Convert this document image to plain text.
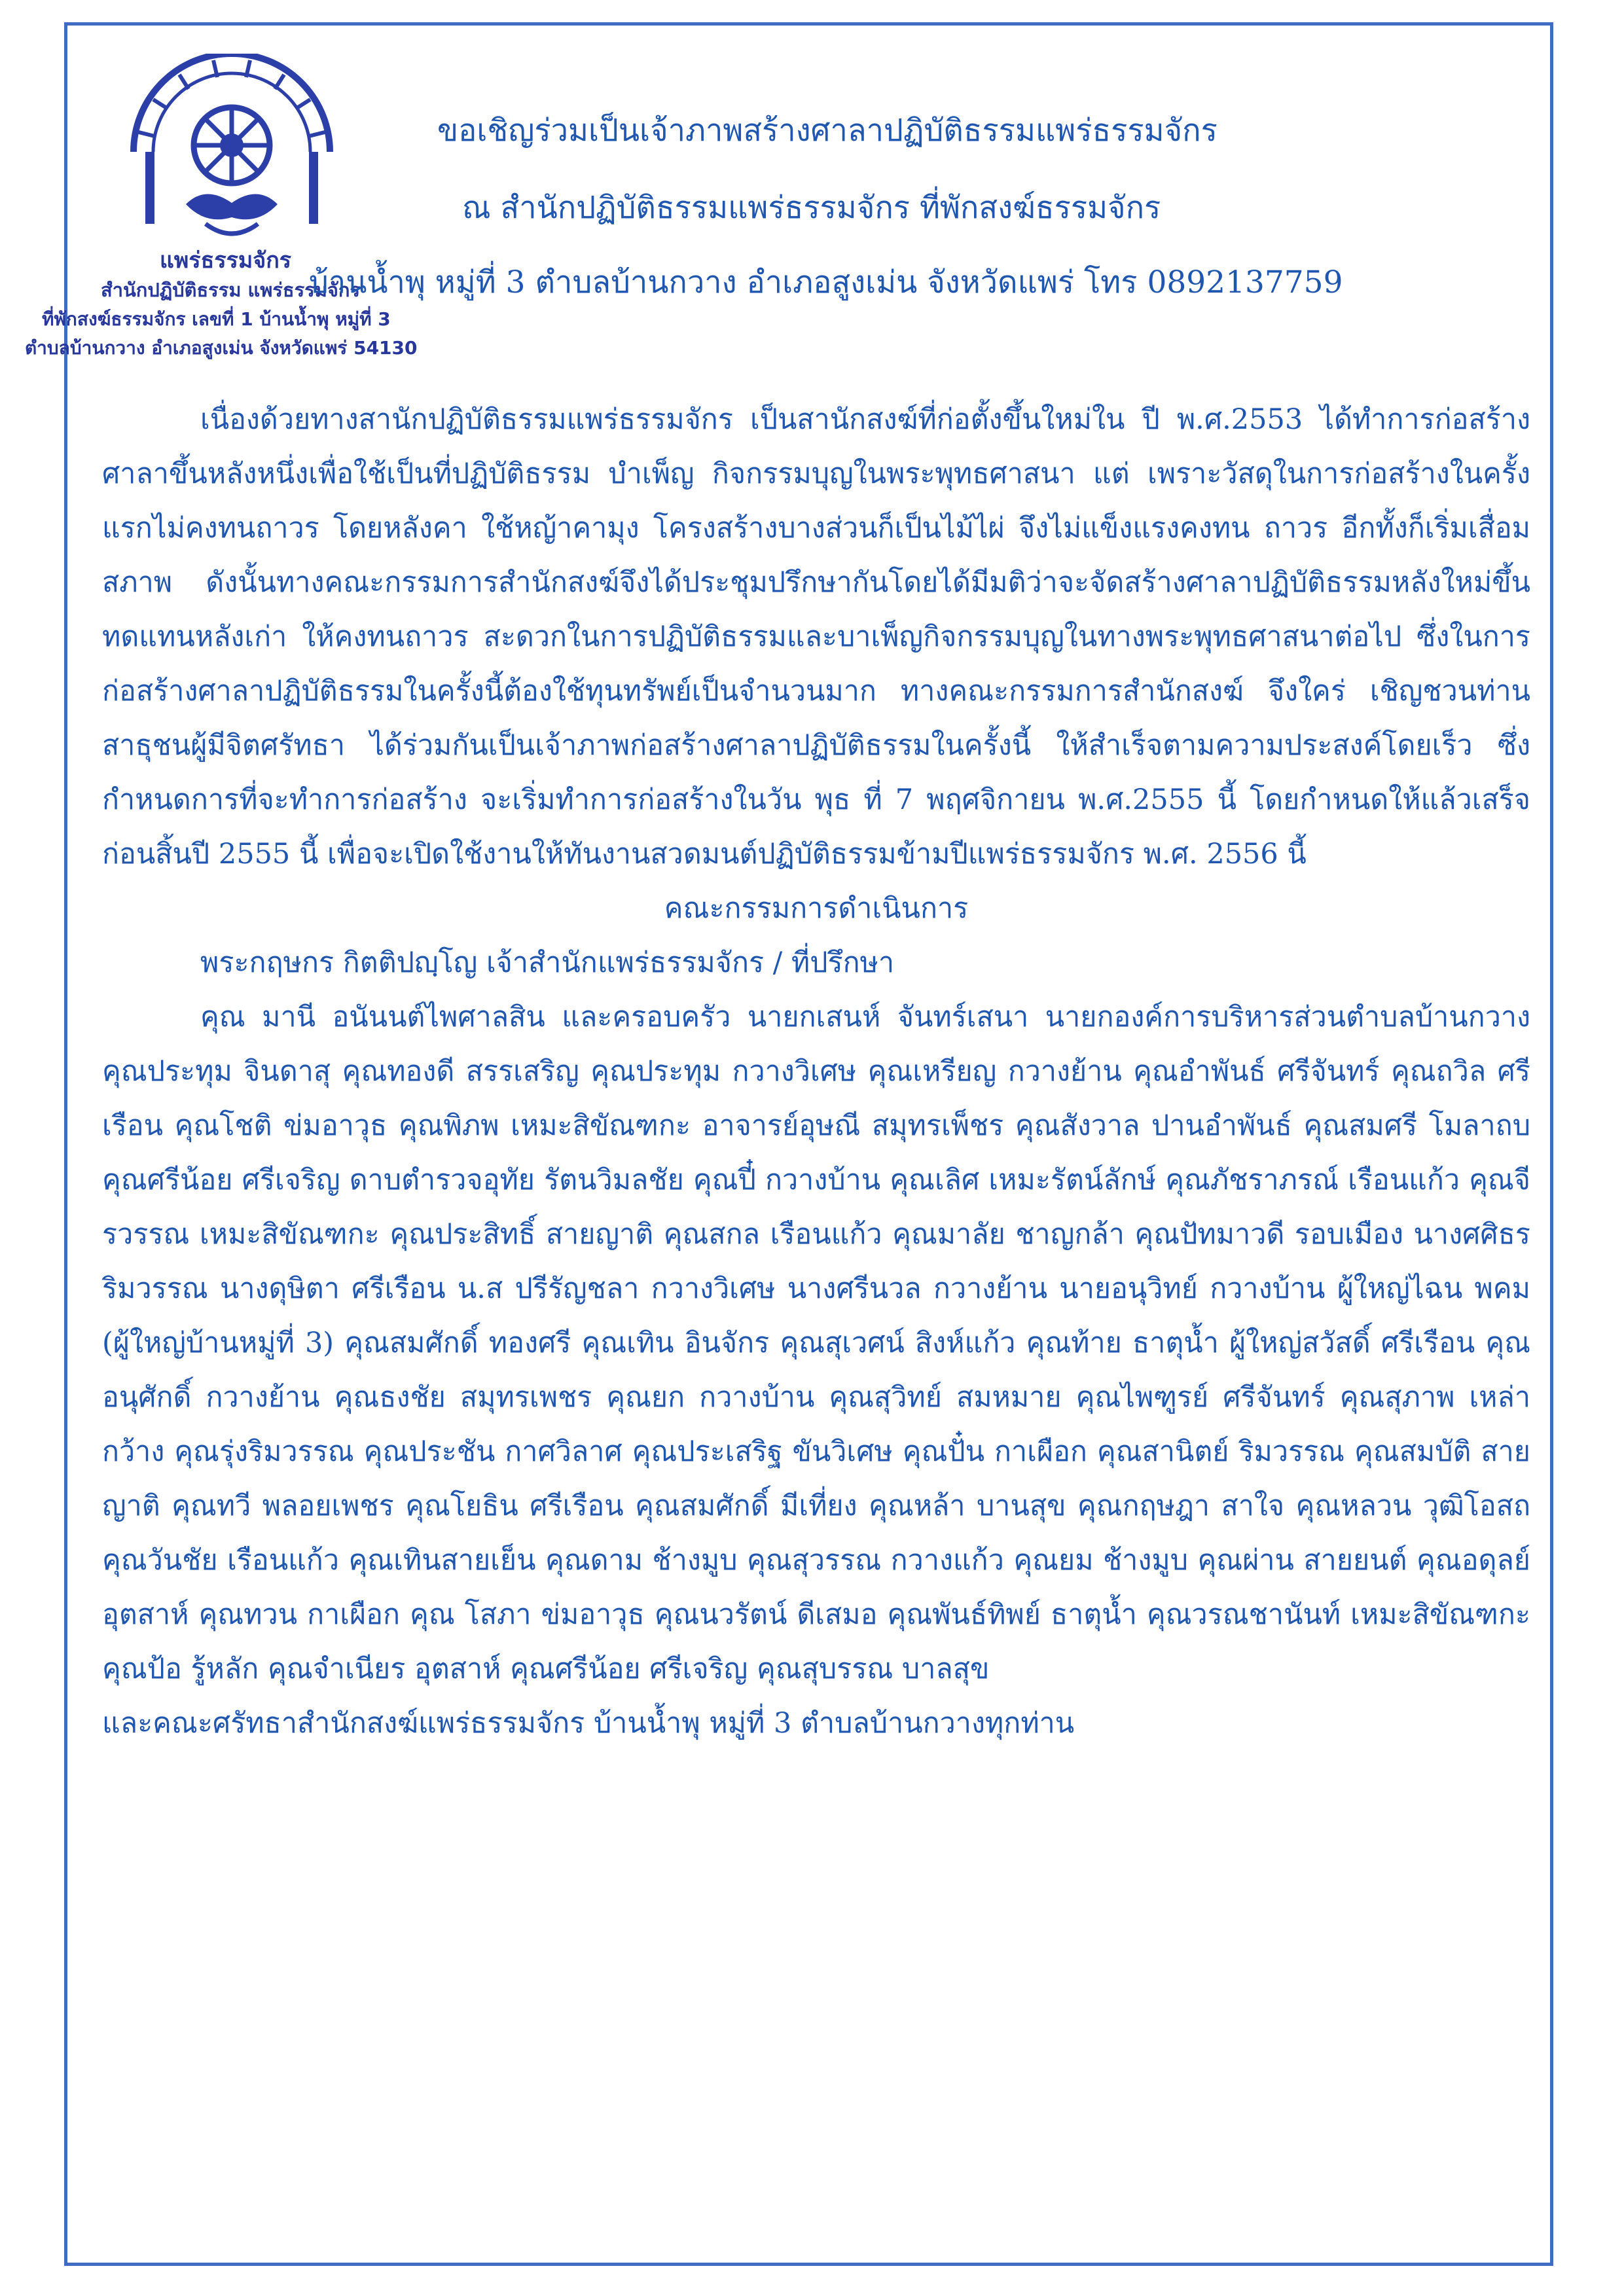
แพร่ธรรมจักร
สำนักปฏิบัติธรรม แพร่ธรรมจักร
ที่พักสงฆ์ธรรมจักร เลขที่ 1 บ้านน้ำพุ หมู่ที่ 3
ตำบลบ้านกวาง อำเภอสูงเม่น จังหวัดแพร่ 54130
ขอเชิญร่วมเป็นเจ้าภาพสร้างศาลาปฏิบัติธรรมแพร่ธรรมจักร
ณ สำนักปฏิบัติธรรมแพร่ธรรมจักร ที่พักสงฆ์ธรรมจักร
บ้านน้ำพุ หมู่ที่ 3 ตำบลบ้านกวาง อำเภอสูงเม่น จังหวัดแพร่ โทร 0892137759

เนื่องด้วยทางสานักปฏิบัติธรรมแพร่ธรรมจักร เป็นสานักสงฆ์ที่ก่อตั้งขึ้นใหม่ใน ปี พ.ศ.2553 ได้ทำการก่อสร้างศาลาขึ้นหลังหนึ่งเพื่อใช้เป็นที่ปฏิบัติธรรม บำเพ็ญ กิจกรรมบุญในพระพุทธศาสนา แต่ เพราะวัสดุในการก่อสร้างในครั้งแรกไม่คงทนถาวร โดยหลังคา ใช้หญ้าคามุง โครงสร้างบางส่วนก็เป็นไม้ไผ่ จึงไม่แข็งแรงคงทน ถาวร อีกทั้งก็เริ่มเสื่อมสภาพ ดังนั้นทางคณะกรรมการสำนักสงฆ์จึงได้ประชุมปรึกษากันโดยได้มีมติว่าจะจัดสร้างศาลาปฏิบัติธรรมหลังใหม่ขึ้นทดแทนหลังเก่า ให้คงทนถาวร สะดวกในการปฏิบัติธรรมและบาเพ็ญกิจกรรมบุญในทางพระพุทธศาสนาต่อไป ซึ่งในการก่อสร้างศาลาปฏิบัติธรรมในครั้งนี้ต้องใช้ทุนทรัพย์เป็นจำนวนมาก ทางคณะกรรมการสำนักสงฆ์ จึงใคร่ เชิญชวนท่านสาธุชนผู้มีจิตศรัทธา ได้ร่วมกันเป็นเจ้าภาพก่อสร้างศาลาปฏิบัติธรรมในครั้งนี้ ให้สำเร็จตามความประสงค์โดยเร็ว ซึ่งกำหนดการที่จะทำการก่อสร้าง จะเริ่มทำการก่อสร้างในวัน พุธ ที่ 7 พฤศจิกายน พ.ศ.2555 นี้ โดยกำหนดให้แล้วเสร็จก่อนสิ้นปี 2555 นี้ เพื่อจะเปิดใช้งานให้ทันงานสวดมนต์ปฏิบัติธรรมข้ามปีแพร่ธรรมจักร พ.ศ. 2556 นี้

คณะกรรมการดำเนินการ

พระกฤษกร กิตติปญฺโญ เจ้าสำนักแพร่ธรรมจักร / ที่ปรึกษา

คุณ มานี อนันนต์ไพศาลสิน และครอบครัว นายกเสนห์ จันทร์เสนา นายกองค์การบริหารส่วนตำบลบ้านกวาง คุณประทุม จินดาสุ คุณทองดี สรรเสริญ คุณประทุม กวางวิเศษ คุณเหรียญ กวางย้าน คุณอำพันธ์ ศรีจันทร์ คุณถวิล ศรีเรือน คุณโชติ ข่มอาวุธ คุณพิภพ เหมะสิขัณฑกะ อาจารย์อุษณี สมุทรเพ็ชร คุณสังวาล ปานอำพันธ์ คุณสมศรี โมลาถบ คุณศรีน้อย ศรีเจริญ ดาบตำรวจอุทัย รัตนวิมลชัย คุณปี๋ กวางบ้าน คุณเลิศ เหมะรัตน์ลักษ์ คุณภัชราภรณ์ เรือนแก้ว คุณจีรวรรณ เหมะสิขัณฑกะ คุณประสิทธิ์ สายญาติ คุณสกล เรือนแก้ว คุณมาลัย ชาญกล้า คุณปัทมาวดี รอบเมือง นางศศิธร ริมวรรณ นางดุษิตา ศรีเรือน น.ส ปรีรัญชลา กวางวิเศษ นางศรีนวล กวางย้าน นายอนุวิทย์ กวางบ้าน ผู้ใหญ่ไฉน พคม (ผู้ใหญ่บ้านหมู่ที่ 3) คุณสมศักดิ์ ทองศรี คุณเทิน อินจักร คุณสุเวศน์ สิงห์แก้ว คุณท้าย ธาตุน้ำ ผู้ใหญ่สวัสดิ์ ศรีเรือน คุณอนุศักดิ์ กวางย้าน คุณธงชัย สมุทรเพชร คุณยก กวางบ้าน คุณสุวิทย์ สมหมาย คุณไพฑูรย์ ศรีจันทร์ คุณสุภาพ เหล่ากว้าง คุณรุ่งริมวรรณ คุณประชัน กาศวิลาศ คุณประเสริฐ ขันวิเศษ คุณปั๋น กาเผือก คุณสานิตย์ ริมวรรณ คุณสมบัติ สายญาติ คุณทวี พลอยเพชร คุณโยธิน ศรีเรือน คุณสมศักดิ์ มีเที่ยง คุณหล้า บานสุข คุณกฤษฎา สาใจ คุณหลวน วุฒิโอสถ คุณวันชัย เรือนแก้ว คุณเทินสายเย็น คุณดาม ช้างมูบ คุณสุวรรณ กวางแก้ว คุณยม ช้างมูบ คุณผ่าน สายยนต์ คุณอดุลย์ อุตสาห์ คุณทวน กาเผือก คุณ โสภา ข่มอาวุธ คุณนวรัตน์ ดีเสมอ คุณพันธ์ทิพย์ ธาตุน้ำ คุณวรณชานันท์ เหมะสิขัณฑกะ คุณป้อ รู้หลัก คุณจำเนียร อุตสาห์ คุณศรีน้อย ศรีเจริญ คุณสุบรรณ บาลสุข

และคณะศรัทธาสำนักสงฆ์แพร่ธรรมจักร บ้านน้ำพุ หมู่ที่ 3 ตำบลบ้านกวางทุกท่าน
